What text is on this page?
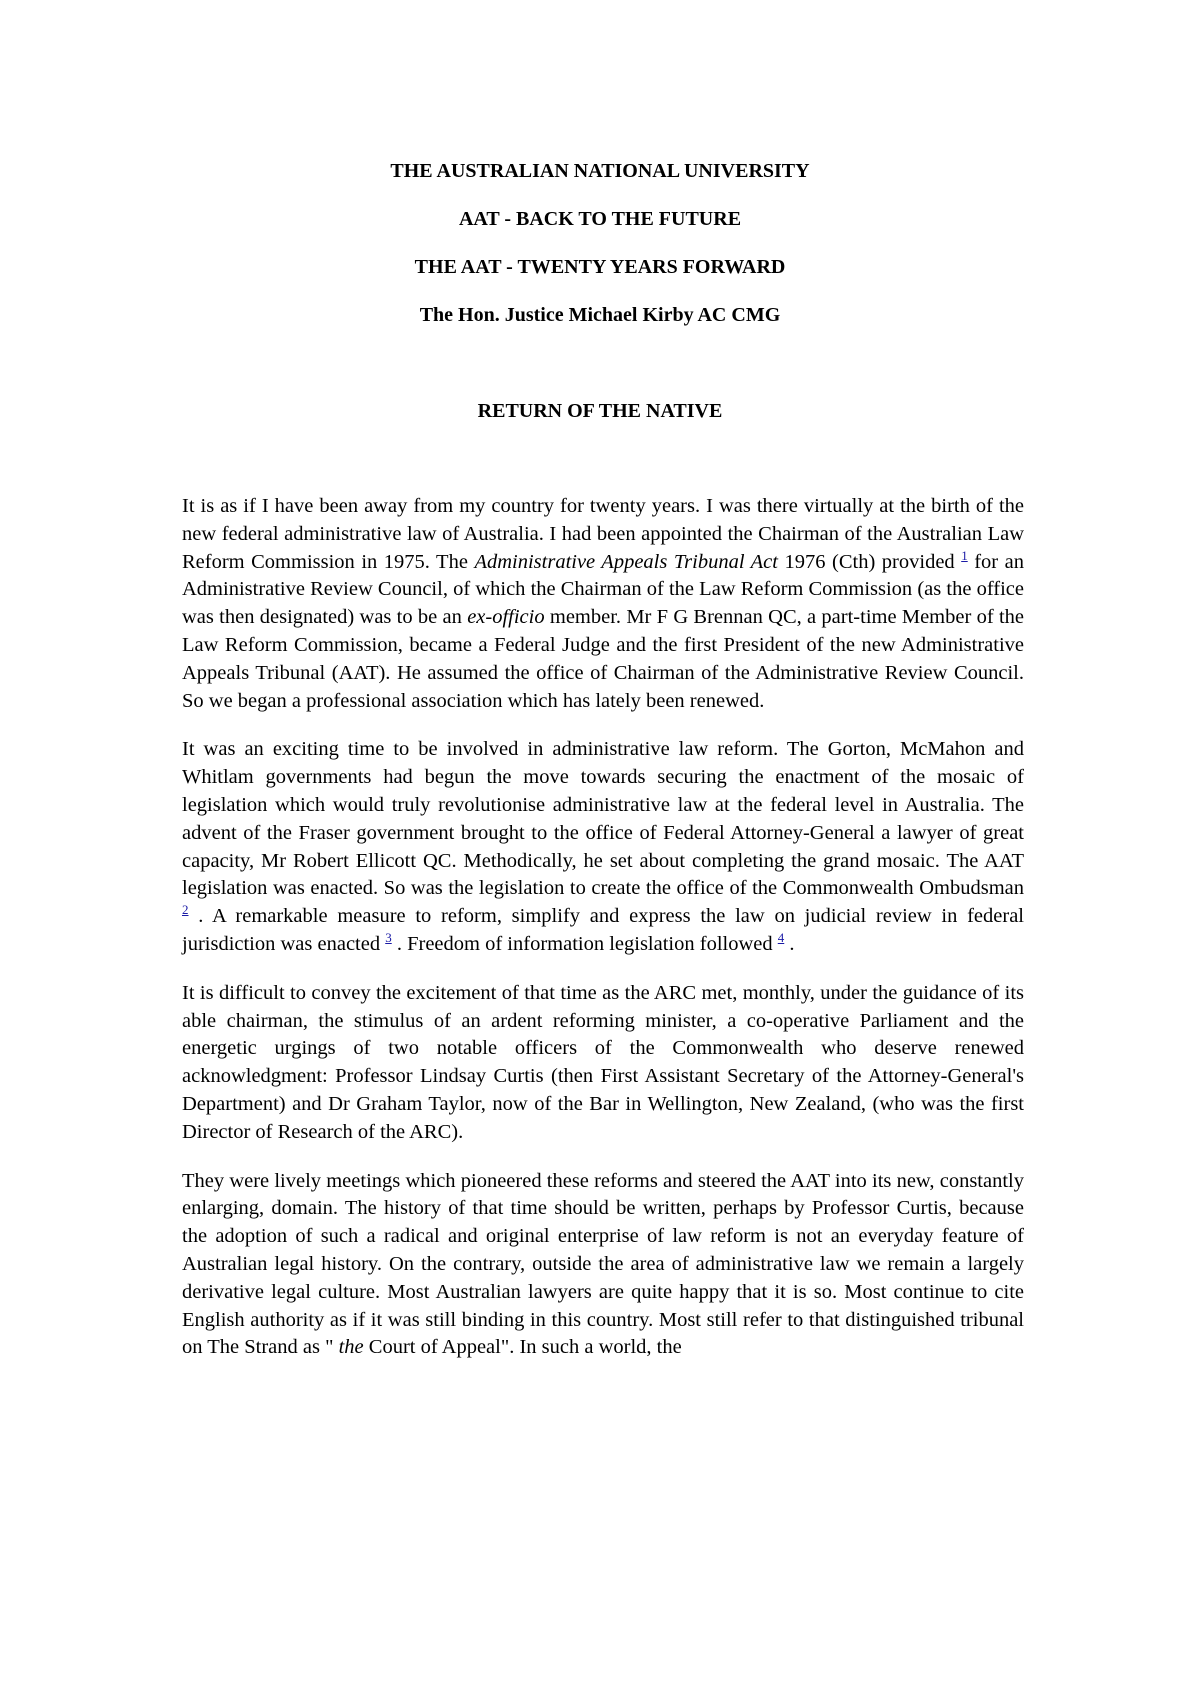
THE AUSTRALIAN NATIONAL UNIVERSITY
AAT - BACK TO THE FUTURE
THE AAT - TWENTY YEARS FORWARD
The Hon. Justice Michael Kirby AC CMG
RETURN OF THE NATIVE

It is as if I have been away from my country for twenty years. I was there virtually at the birth of the new federal administrative law of Australia. I had been appointed the Chairman of the Australian Law Reform Commission in 1975. The Administrative Appeals Tribunal Act 1976 (Cth) provided $^1$ for an Administrative Review Council, of which the Chairman of the Law Reform Commission (as the office was then designated) was to be an ex-officio member. Mr F G Brennan QC, a part-time Member of the Law Reform Commission, became a Federal Judge and the first President of the new Administrative Appeals Tribunal (AAT). He assumed the office of Chairman of the Administrative Review Council. So we began a professional association which has lately been renewed.

It was an exciting time to be involved in administrative law reform. The Gorton, McMahon and Whitlam governments had begun the move towards securing the enactment of the mosaic of legislation which would truly revolutionise administrative law at the federal level in Australia. The advent of the Fraser government brought to the office of Federal Attorney-General a lawyer of great capacity, Mr Robert Ellicott QC. Methodically, he set about completing the grand mosaic. The AAT legislation was enacted. So was the legislation to create the office of the Commonwealth Ombudsman $^2$ . A remarkable measure to reform, simplify and express the law on judicial review in federal jurisdiction was enacted $^3$ . Freedom of information legislation followed $^4$ .

It is difficult to convey the excitement of that time as the ARC met, monthly, under the guidance of its able chairman, the stimulus of an ardent reforming minister, a co-operative Parliament and the energetic urgings of two notable officers of the Commonwealth who deserve renewed acknowledgment: Professor Lindsay Curtis (then First Assistant Secretary of the Attorney-General's Department) and Dr Graham Taylor, now of the Bar in Wellington, New Zealand, (who was the first Director of Research of the ARC).

They were lively meetings which pioneered these reforms and steered the AAT into its new, constantly enlarging, domain. The history of that time should be written, perhaps by Professor Curtis, because the adoption of such a radical and original enterprise of law reform is not an everyday feature of Australian legal history. On the contrary, outside the area of administrative law we remain a largely derivative legal culture. Most Australian lawyers are quite happy that it is so. Most continue to cite English authority as if it was still binding in this country. Most still refer to that distinguished tribunal on The Strand as " the Court of Appeal". In such a world, the
